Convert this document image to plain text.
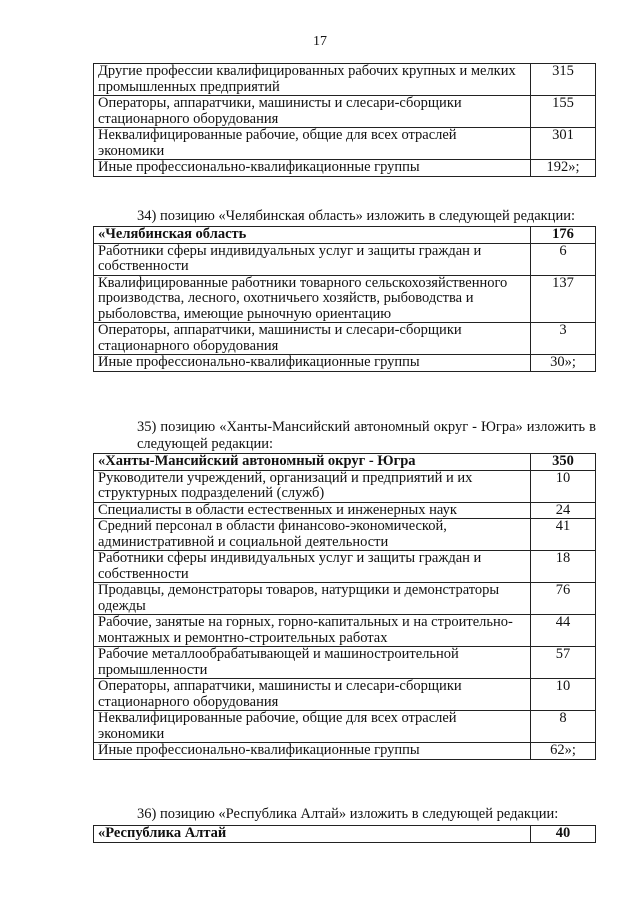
17
Другие профессии квалифицированных рабочих крупных и мелких промышленных предприятий	315
Операторы, аппаратчики, машинисты и слесари-сборщики стационарного оборудования	155
Неквалифицированные рабочие, общие для всех отраслей экономики	301
Иные профессионально-квалификационные группы	192»;
34) позицию «Челябинская область» изложить в следующей редакции:
«Челябинская область	176
Работники сферы индивидуальных услуг и защиты граждан и собственности	6
Квалифицированные работники товарного сельскохозяйственного производства, лесного, охотничьего хозяйств, рыбоводства и рыболовства, имеющие рыночную ориентацию	137
Операторы, аппаратчики, машинисты и слесари-сборщики стационарного оборудования	3
Иные профессионально-квалификационные группы	30»;
35) позицию «Ханты-Мансийский автономный округ - Югра» изложить в следующей редакции:
«Ханты-Мансийский автономный округ - Югра	350
Руководители учреждений, организаций и предприятий и их структурных подразделений (служб)	10
Специалисты в области естественных и инженерных наук	24
Средний персонал в области финансово-экономической, административной и социальной деятельности	41
Работники сферы индивидуальных услуг и защиты граждан и собственности	18
Продавцы, демонстраторы товаров, натурщики и демонстраторы одежды	76
Рабочие, занятые на горных, горно-капитальных и на строительно-монтажных и ремонтно-строительных работах	44
Рабочие металлообрабатывающей и машиностроительной промышленности	57
Операторы, аппаратчики, машинисты и слесари-сборщики стационарного оборудования	10
Неквалифицированные рабочие, общие для всех отраслей экономики	8
Иные профессионально-квалификационные группы	62»;
36) позицию «Республика Алтай» изложить в следующей редакции:
«Республика Алтай	40
